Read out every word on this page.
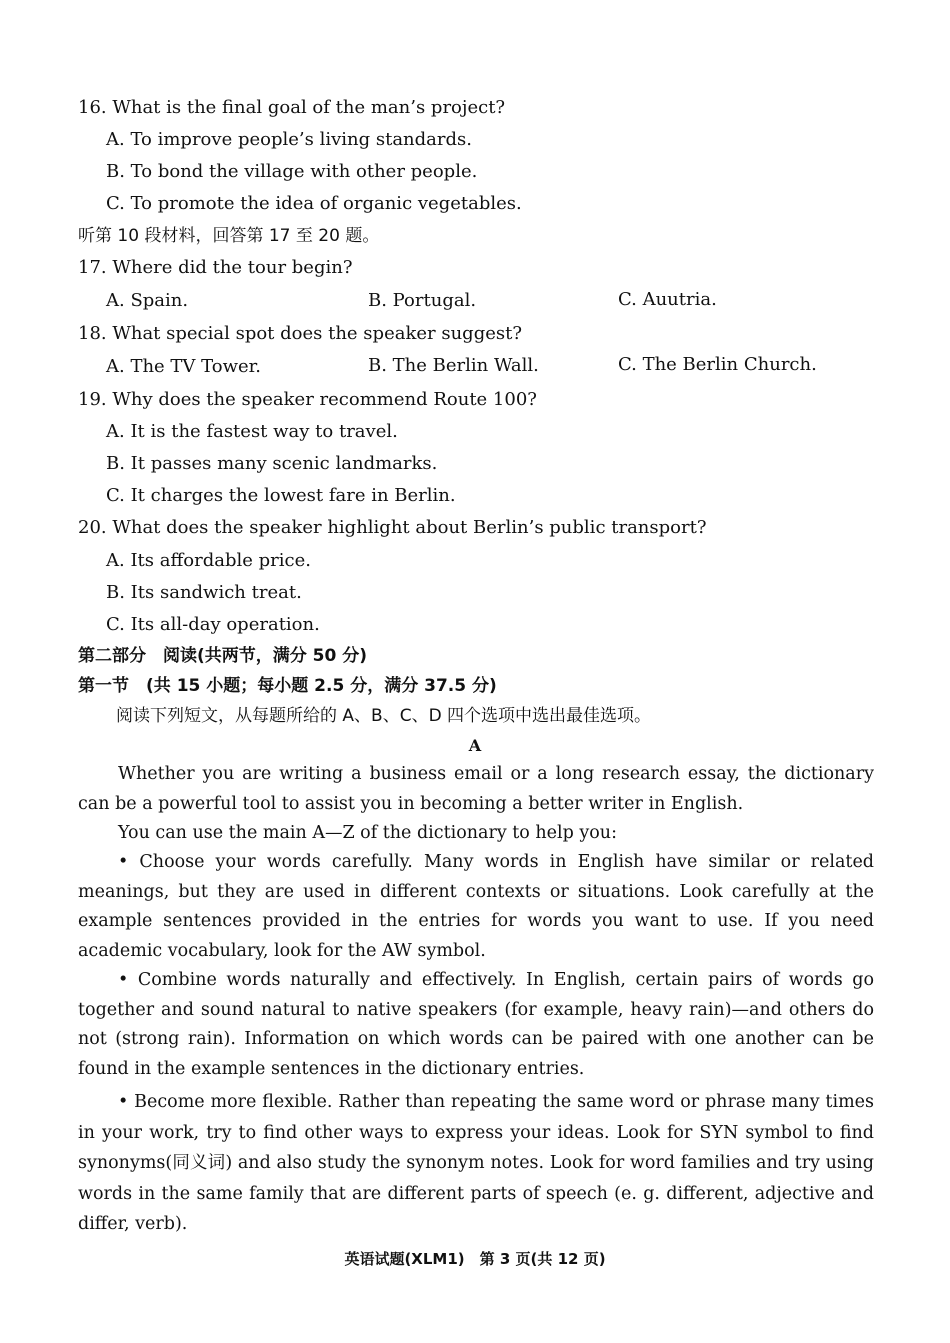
16. What is the final goal of the man’s project?
A. To improve people’s living standards.
B. To bond the village with other people.
C. To promote the idea of organic vegetables.
听第 10 段材料，回答第 17 至 20 题。
17. Where did the tour begin?
A. Spain.	B. Portugal.	C. Auutria.
18. What special spot does the speaker suggest?
A. The TV Tower.	B. The Berlin Wall.	C. The Berlin Church.
19. Why does the speaker recommend Route 100?
A. It is the fastest way to travel.
B. It passes many scenic landmarks.
C. It charges the lowest fare in Berlin.
20. What does the speaker highlight about Berlin’s public transport?
A. Its affordable price.
B. Its sandwich treat.
C. Its all-day operation.
第二部分　阅读(共两节，满分 50 分)
第一节　(共 15 小题；每小题 2.5 分，满分 37.5 分)
阅读下列短文，从每题所给的 A、B、C、D 四个选项中选出最佳选项。
A
Whether you are writing a business email or a long research essay, the dictionary can be a powerful tool to assist you in becoming a better writer in English.
You can use the main A—Z of the dictionary to help you:
• Choose your words carefully. Many words in English have similar or related meanings, but they are used in different contexts or situations. Look carefully at the example sentences provided in the entries for words you want to use. If you need academic vocabulary, look for the AW symbol.
• Combine words naturally and effectively. In English, certain pairs of words go together and sound natural to native speakers (for example, heavy rain)—and others do not (strong rain). Information on which words can be paired with one another can be found in the example sentences in the dictionary entries.
• Become more flexible. Rather than repeating the same word or phrase many times in your work, try to find other ways to express your ideas. Look for SYN symbol to find synonyms(同义词) and also study the synonym notes. Look for word families and try using words in the same family that are different parts of speech (e. g. different, adjective and differ, verb).
英语试题(XLM1)　第 3 页(共 12 页)
